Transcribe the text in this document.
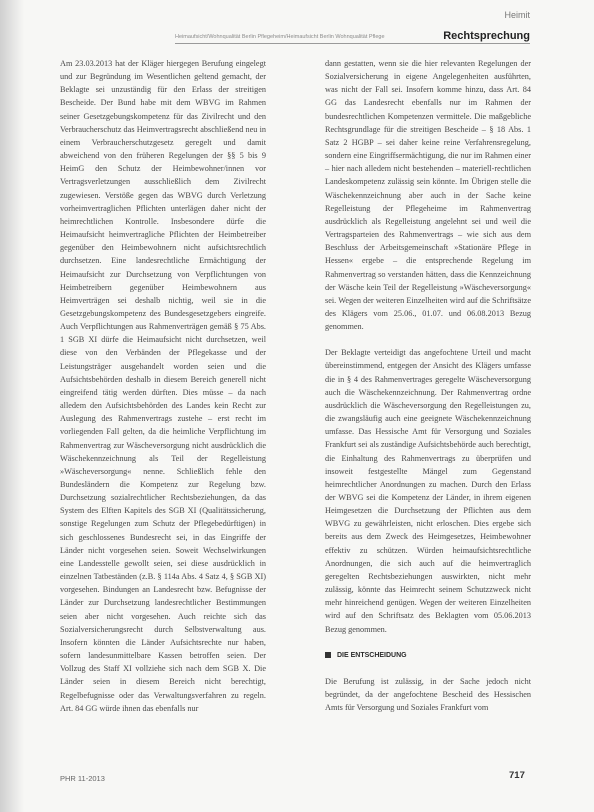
Heimit
Heimaufsicht/Wohnqualität Berlin Pflegeheim/Heimaufsicht Berlin Wohnqualität Pflege	Rechtsprechung

Am 23.03.2013 hat der Kläger hiergegen Berufung eingelegt und zur Begründung im Wesentlichen geltend gemacht, der Beklagte sei unzuständig für den Erlass der streitigen Bescheide. Der Bund habe mit dem WBVG im Rahmen seiner Gesetzgebungskompetenz für das Zivilrecht und den Verbraucherschutz das Heimvertragsrecht abschließend neu in einem Verbraucherschutzgesetz geregelt und damit abweichend von den früheren Regelungen der §§ 5 bis 9 HeimG den Schutz der Heimbewohner/innen vor Vertragsverletzungen ausschließlich dem Zivilrecht zugewiesen. Verstöße gegen das WBVG durch Verletzung vorheimvertraglichen Pflichten unterlägen daher nicht der heimrechtlichen Kontrolle. Insbesondere dürfe die Heimaufsicht heimvertragliche Pflichten der Heimbetreiber gegenüber den Heimbewohnern nicht aufsichtsrechtlich durchsetzen. Eine landesrechtliche Ermächtigung der Heimaufsicht zur Durchsetzung von Verpflichtungen von Heimbetreibern gegenüber Heimbewohnern aus Heimverträgen sei deshalb nichtig, weil sie in die Gesetzgebungskompetenz des Bundesgesetzgebers eingreife. Auch Verpflichtungen aus Rahmenverträgen gemäß § 75 Abs. 1 SGB XI dürfe die Heimaufsicht nicht durchsetzen, weil diese von den Verbänden der Pflegekasse und der Leistungsträger ausgehandelt worden seien und die Aufsichtsbehörden deshalb in diesem Bereich generell nicht eingreifend tätig werden dürften. Dies müsse – da nach alledem den Aufsichtsbehörden des Landes kein Recht zur Auslegung des Rahmenvertrags zustehe – erst recht im vorliegenden Fall gelten, da die heimliche Verpflichtung im Rahmenvertrag zur Wäscheversorgung nicht ausdrücklich die Wäschekennzeichnung als Teil der Regelleistung »Wäscheversorgung« nenne. Schließlich fehle den Bundesländern die Kompetenz zur Regelung bzw. Durchsetzung sozialrechtlicher Rechtsbeziehungen, da das System des Elften Kapitels des SGB XI (Qualitätssicherung, sonstige Regelungen zum Schutz der Pflegebedürftigen) in sich geschlossenes Bundesrecht sei, in das Eingriffe der Länder nicht vorgesehen seien. Soweit Wechselwirkungen eine Landesstelle gewollt seien, sei diese ausdrücklich in einzelnen Tatbeständen (z.B. § 114a Abs. 4 Satz 4, § SGB XI) vorgesehen. Bindungen an Landesrecht bzw. Befugnisse der Länder zur Durchsetzung landesrechtlicher Bestimmungen seien aber nicht vorgesehen. Auch reichte sich das Sozialversicherungsrecht durch Selbstverwaltung aus. Insofern könnten die Länder Aufsichtsrechte nur haben, sofern landesunmittelbare Kassen betroffen seien. Der Vollzug des Staff XI vollziehe sich nach dem SGB X. Die Länder seien in diesem Bereich nicht berechtigt, Regelbefugnisse oder das Verwaltungsverfahren zu regeln. Art. 84 GG würde ihnen das ebenfalls nur

dann gestatten, wenn sie die hier relevanten Regelungen der Sozialversicherung in eigene Angelegenheiten ausführten, was nicht der Fall sei. Insofern komme hinzu, dass Art. 84 GG das Landesrecht ebenfalls nur im Rahmen der bundesrechtlichen Kompetenzen vermittele. Die maßgebliche Rechtsgrundlage für die streitigen Bescheide – § 18 Abs. 1 Satz 2 HGBP – sei daher keine reine Verfahrensregelung, sondern eine Eingriffsermächtigung, die nur im Rahmen einer – hier nach alledem nicht bestehenden – materiell-rechtlichen Landeskompetenz zulässig sein könnte. Im Übrigen stelle die Wäschekennzeichnung aber auch in der Sache keine Regelleistung der Pflegeheime im Rahmenvertrag ausdrücklich als Regelleistung angelehnt sei und weil die Vertragsparteien des Rahmenvertrags – wie sich aus dem Beschluss der Arbeitsgemeinschaft »Stationäre Pflege in Hessen« ergebe – die entsprechende Regelung im Rahmenvertrag so verstanden hätten, dass die Kennzeichnung der Wäsche kein Teil der Regelleistung »Wäscheversorgung« sei. Wegen der weiteren Einzelheiten wird auf die Schriftsätze des Klägers vom 25.06., 01.07. und 06.08.2013 Bezug genommen.

Der Beklagte verteidigt das angefochtene Urteil und macht übereinstimmend, entgegen der Ansicht des Klägers umfasse die in § 4 des Rahmenvertrages geregelte Wäscheversorgung auch die Wäschekennzeichnung. Der Rahmenvertrag ordne ausdrücklich die Wäscheversorgung den Regelleistungen zu, die zwangsläufig auch eine geeignete Wäschekennzeichnung umfasse. Das Hessische Amt für Versorgung und Soziales Frankfurt sei als zuständige Aufsichtsbehörde auch berechtigt, die Einhaltung des Rahmenvertrags zu überprüfen und insoweit festgestellte Mängel zum Gegenstand heimrechtlicher Anordnungen zu machen. Durch den Erlass der WBVG sei die Kompetenz der Länder, in ihrem eigenen Heimgesetzen die Durchsetzung der Pflichten aus dem WBVG zu gewährleisten, nicht erloschen. Dies ergebe sich bereits aus dem Zweck des Heimgesetzes, Heimbewohner effektiv zu schützen. Würden heimaufsichtsrechtliche Anordnungen, die sich auch auf die heimvertraglich geregelten Rechtsbeziehungen auswirkten, nicht mehr zulässig, könnte das Heimrecht seinem Schutzzweck nicht mehr hinreichend genügen. Wegen der weiteren Einzelheiten wird auf den Schriftsatz des Beklagten vom 05.06.2013 Bezug genommen.

DIE ENTSCHEIDUNG

Die Berufung ist zulässig, in der Sache jedoch nicht begründet, da der angefochtene Bescheid des Hessischen Amts für Versorgung und Soziales Frankfurt vom

PHR 11-2013	717
